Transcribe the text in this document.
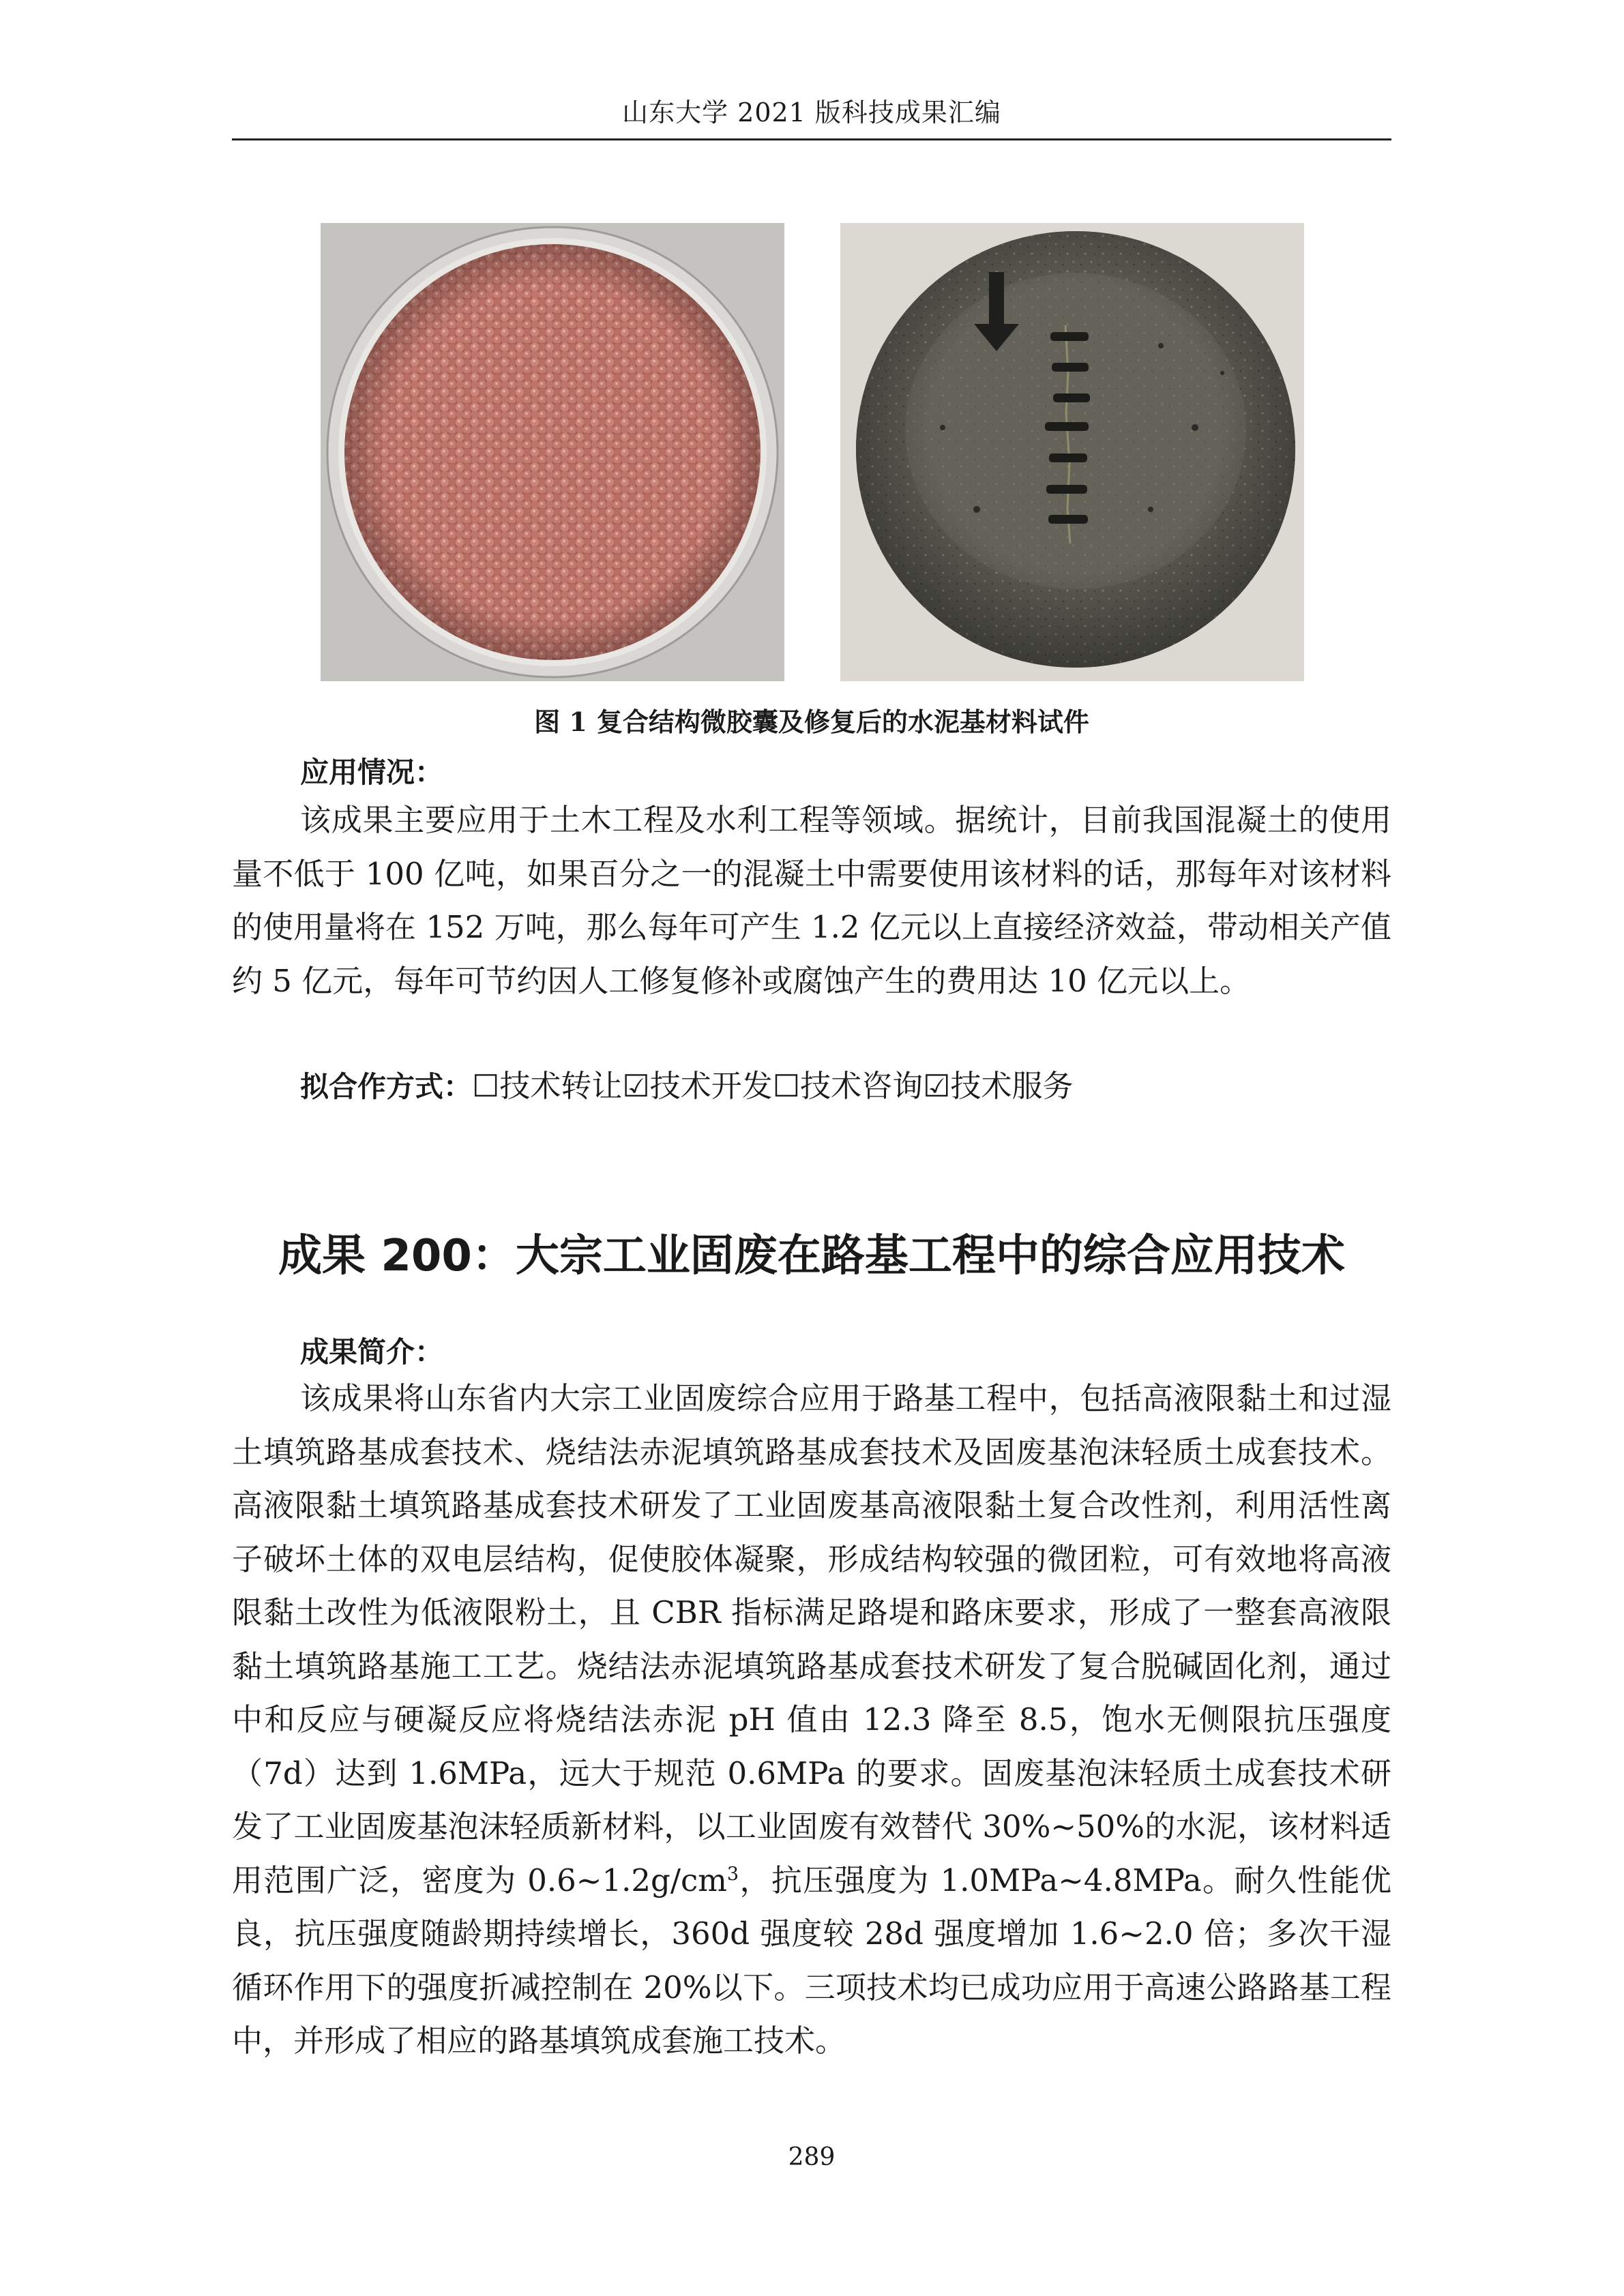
山东大学 2021 版科技成果汇编
图 1 复合结构微胶囊及修复后的水泥基材料试件
应用情况：
该成果主要应用于土木工程及水利工程等领域。据统计，目前我国混凝土的使用量不低于 100 亿吨，如果百分之一的混凝土中需要使用该材料的话，那每年对该材料的使用量将在 152 万吨，那么每年可产生 1.2 亿元以上直接经济效益，带动相关产值约 5 亿元，每年可节约因人工修复修补或腐蚀产生的费用达 10 亿元以上。
拟合作方式：☐技术转让☑技术开发☐技术咨询☑技术服务
成果 200：大宗工业固废在路基工程中的综合应用技术
成果简介：
该成果将山东省内大宗工业固废综合应用于路基工程中，包括高液限黏土和过湿土填筑路基成套技术、烧结法赤泥填筑路基成套技术及固废基泡沫轻质土成套技术。高液限黏土填筑路基成套技术研发了工业固废基高液限黏土复合改性剂，利用活性离子破坏土体的双电层结构，促使胶体凝聚，形成结构较强的微团粒，可有效地将高液限黏土改性为低液限粉土，且 CBR 指标满足路堤和路床要求，形成了一整套高液限黏土填筑路基施工工艺。烧结法赤泥填筑路基成套技术研发了复合脱碱固化剂，通过中和反应与硬凝反应将烧结法赤泥 pH 值由 12.3 降至 8.5，饱水无侧限抗压强度（7d）达到 1.6MPa，远大于规范 0.6MPa 的要求。固废基泡沫轻质土成套技术研发了工业固废基泡沫轻质新材料，以工业固废有效替代 30%~50%的水泥，该材料适用范围广泛，密度为 $0.6\sim 1.2g/cm^3$，抗压强度为 1.0MPa~4.8MPa。耐久性能优良，抗压强度随龄期持续增长，360d 强度较 28d 强度增加 1.6~2.0 倍；多次干湿循环作用下的强度折减控制在 20%以下。三项技术均已成功应用于高速公路路基工程中，并形成了相应的路基填筑成套施工技术。
289
